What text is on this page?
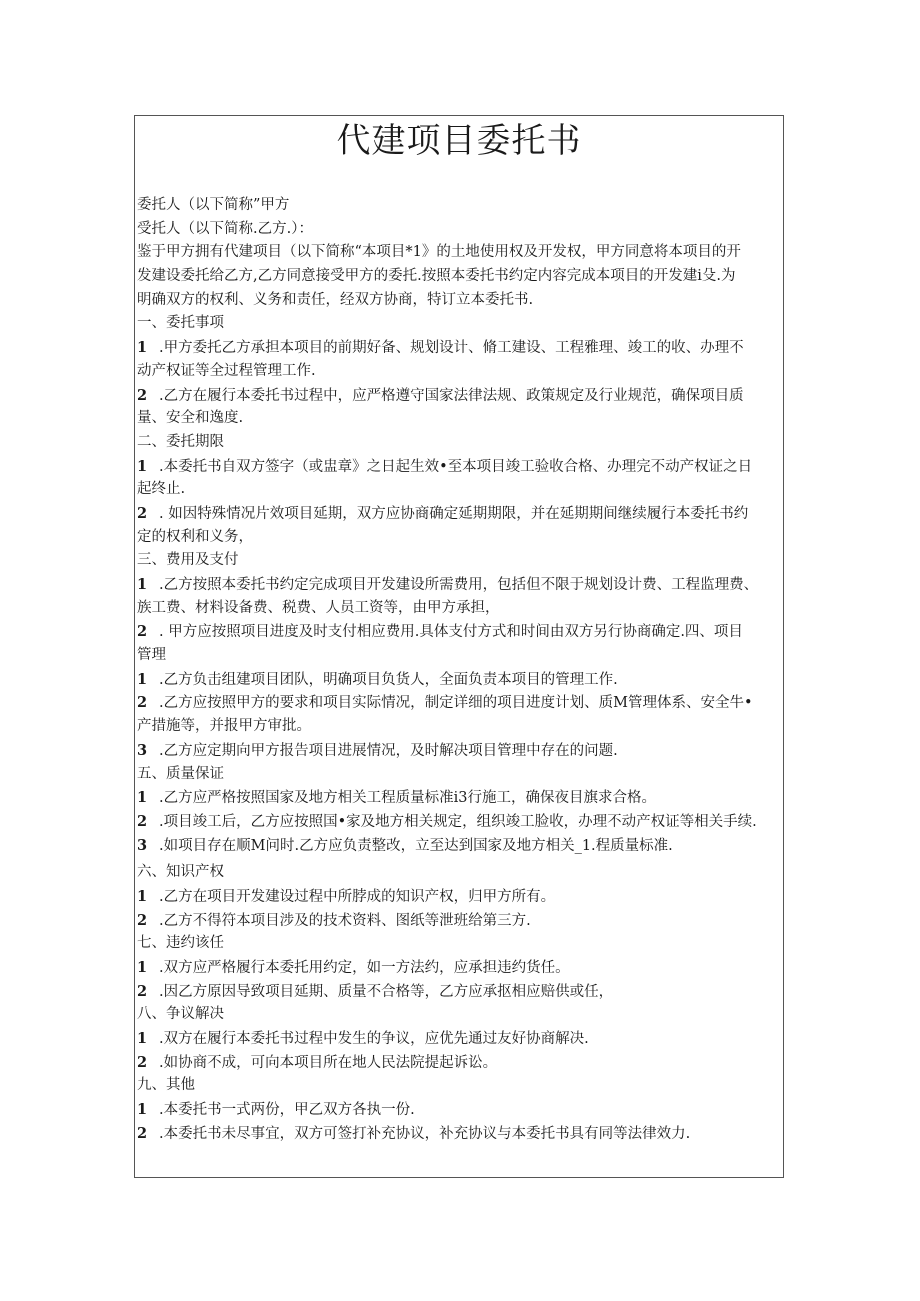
代建项目委托书
委托人（以下简称”甲方
受托人（以下简称.乙方.）：
鉴于甲方拥有代建项目（以下简称“本项目*1》的土地使用权及开发权，甲方同意将本项目的开
发建设委托给乙方,乙方同意接受甲方的委托.按照本委托书约定内容完成本项目的开发建i殳.为
明确双方的权利、义务和责任，经双方协商，特订立本委托书.
一、委托事项
1 .甲方委托乙方承担本项目的前期好备、规划设计、脩工建设、工程雅理、竣工的收、办理不
动产权证等全过程管理工作.
2 .乙方在履行本委托书过程中，应严格遵守国家法律法规、政策规定及行业规范，确保项目质
量、安全和逸度.
二、委托期限
1 .本委托书自双方签字（或盅章》之日起生效•至本项目竣工验收合格、办理完不动产权证之日
起终止.
2 . 如因特殊情况片效项目延期，双方应协商确定延期期限，并在延期期间继续履行本委托书约
定的权利和义务，
三、费用及支付
1 .乙方按照本委托书约定完成项目开发建设所需费用，包括但不限于规划设计费、工程监理费、
族工费、材料设备费、税费、人员工资等，由甲方承担，
2 . 甲方应按照项目进度及时支付相应费用.具体支付方式和时间由双方另行协商确定.四、项目
管理
1 .乙方负击组建项目团队，明确项目负货人，全面负责本项目的管理工作.
2 .乙方应按照甲方的要求和项目实际情况，制定详细的项目进度计划、质M管理体系、安全牛•
产措施等，并报甲方审批。
3 .乙方应定期向甲方报告项目进展情况，及时解决项目管理中存在的问题.
五、质量保证
1 .乙方应严格按照国家及地方相关工程质量标准i3行施工，确保夜目旗求合格。
2 .项目竣工后，乙方应按照国•家及地方相关规定，组织竣工脸收，办理不动产权证等相关手续.
3 .如项目存在顺M问时.乙方应负责整改，立至达到国家及地方相关_1.程质量标准.
六、知识产权
1 .乙方在项目开发建设过程中所脖成的知识产权，归甲方所有。
2 .乙方不得符本项目涉及的技术资料、图纸等泄班给第三方.
七、违约该任
1 .双方应严格履行本委托用约定，如一方法约，应承担违约货任。
2 .因乙方原因导致项目延期、质量不合格等，乙方应承抠相应赔供或任，
八、争议解决
1 .双方在履行本委托书过程中发生的争议，应优先通过友好协商解决.
2 .如协商不成，可向本项目所在地人民法院提起诉讼。
九、其他
1 .本委托书一式两份，甲乙双方各执一份.
2 .本委托书未尽事宜，双方可签打补充协议，补充协议与本委托书具有同等法律效力.
